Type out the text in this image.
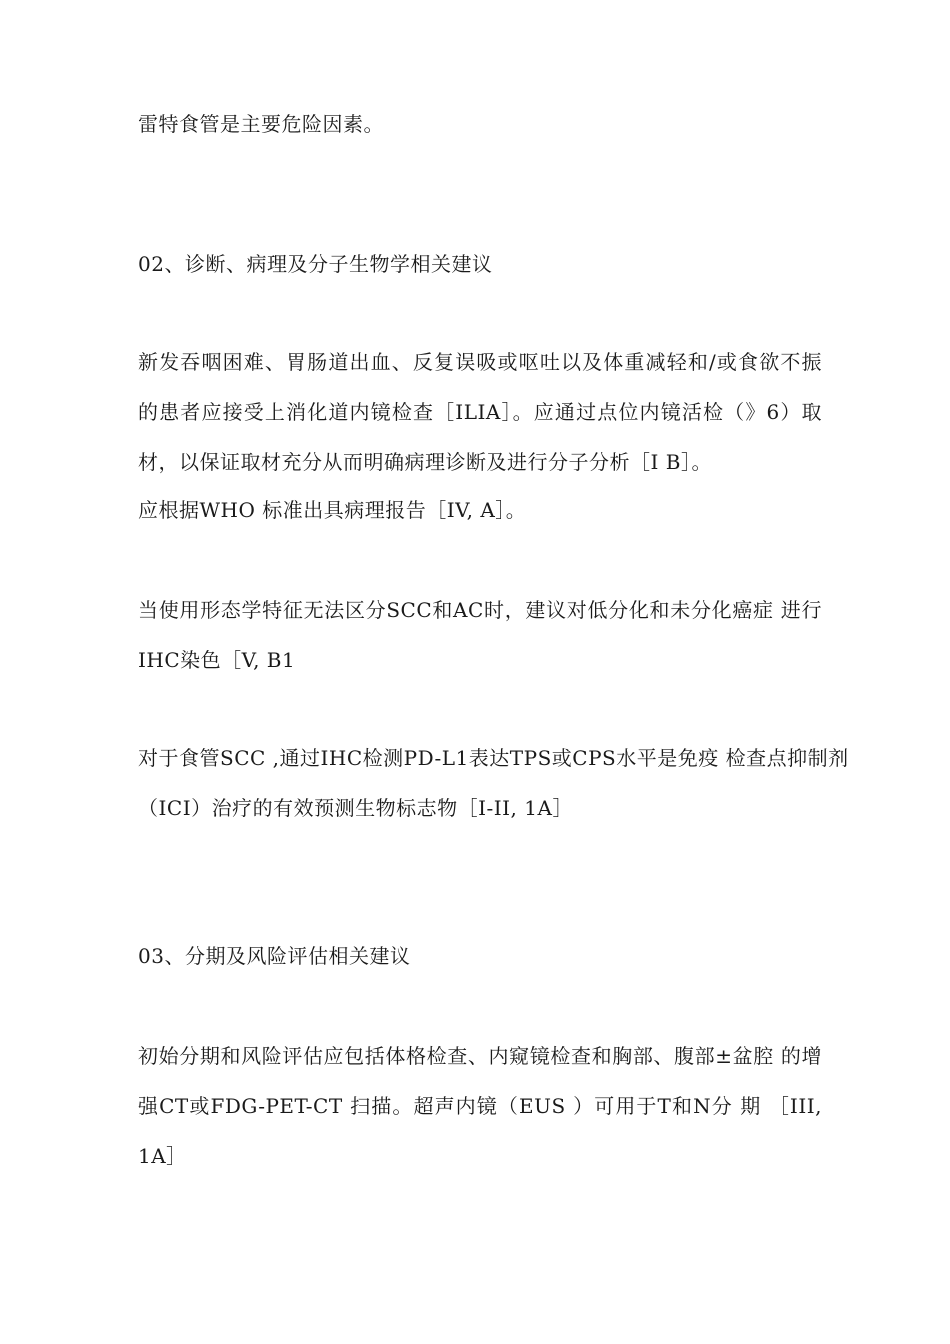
雷特食管是主要危险因素。
02、诊断、病理及分子生物学相关建议
新发吞咽困难、胃肠道出血、反复误吸或呕吐以及体重减轻和/或食欲不振
的患者应接受上消化道内镜检查［ILIA］。应通过点位内镜活检（》6）取
材，以保证取材充分从而明确病理诊断及进行分子分析［I B］。
应根据WHO 标准出具病理报告［IV, A］。
当使用形态学特征无法区分SCC和AC时，建议对低分化和未分化癌症 进行
IHC染色［V, B1
对于食管SCC ,通过IHC检测PD-L1表达TPS或CPS水平是免疫 检查点抑制剂
（ICI）治疗的有效预测生物标志物［I-II, 1A］
03、分期及风险评估相关建议
初始分期和风险评估应包括体格检查、内窥镜检查和胸部、腹部±盆腔 的增
强CT或FDG-PET-CT 扫描。超声内镜（EUS ）可用于T和N分 期 ［III,
1A］
